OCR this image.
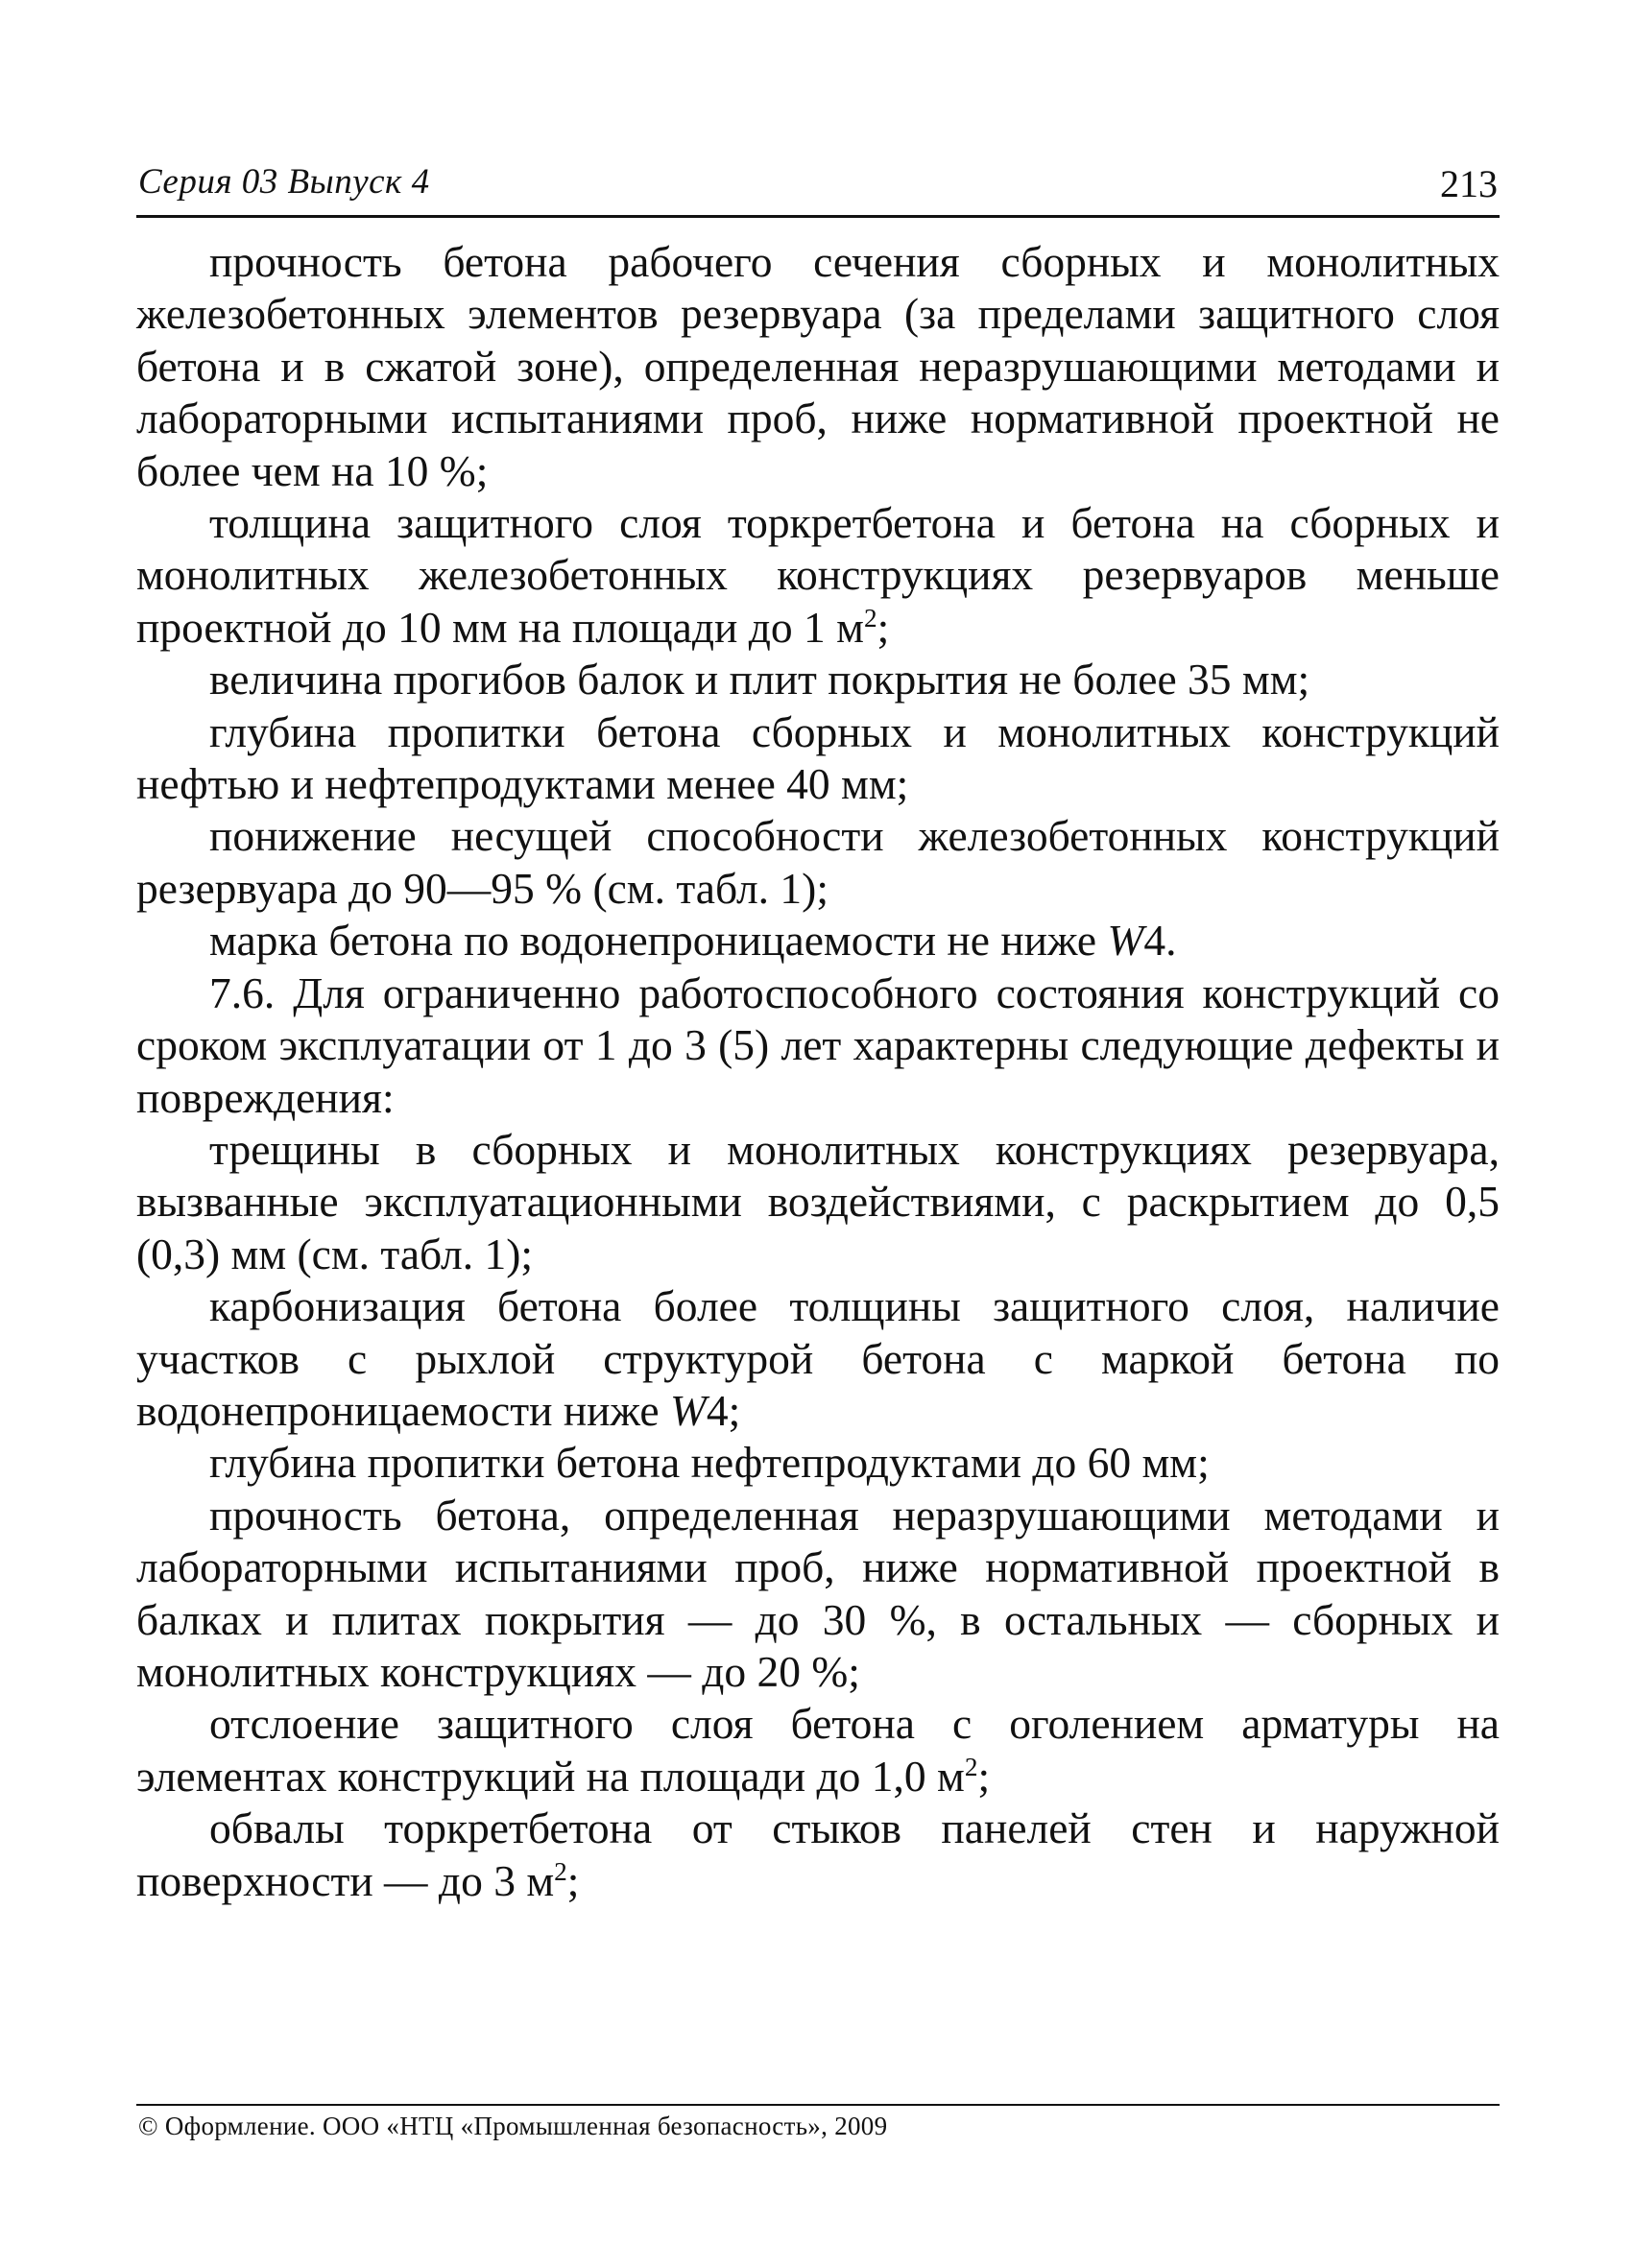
Серия 03 Выпуск 4	213

прочность бетона рабочего сечения сборных и монолитных железобетонных элементов резервуара (за пределами защитного слоя бетона и в сжатой зоне), определенная неразрушающими методами и лабораторными испытаниями проб, ниже нормативной проектной не более чем на 10 %;

толщина защитного слоя торкретбетона и бетона на сборных и монолитных железобетонных конструкциях резервуаров меньше проектной до 10 мм на площади до 1 $м^2$;

величина прогибов балок и плит покрытия не более 35 мм;

глубина пропитки бетона сборных и монолитных конструкций нефтью и нефтепродуктами менее 40 мм;

понижение несущей способности железобетонных конструкций резервуара до 90—95 % (см. табл. 1);

марка бетона по водонепроницаемости не ниже W4.

7.6. Для ограниченно работоспособного состояния конструкций со сроком эксплуатации от 1 до 3 (5) лет характерны следующие дефекты и повреждения:

трещины в сборных и монолитных конструкциях резервуара, вызванные эксплуатационными воздействиями, с раскрытием до 0,5 (0,3) мм (см. табл. 1);

карбонизация бетона более толщины защитного слоя, наличие участков с рыхлой структурой бетона с маркой бетона по водонепроницаемости ниже W4;

глубина пропитки бетона нефтепродуктами до 60 мм;

прочность бетона, определенная неразрушающими методами и лабораторными испытаниями проб, ниже нормативной проектной в балках и плитах покрытия — до 30 %, в остальных — сборных и монолитных конструкциях — до 20 %;

отслоение защитного слоя бетона с оголением арматуры на элементах конструкций на площади до 1,0 $м^2$;

обвалы торкретбетона от стыков панелей стен и наружной поверхности — до 3 $м^2$;

© Оформление. ООО «НТЦ «Промышленная безопасность», 2009
